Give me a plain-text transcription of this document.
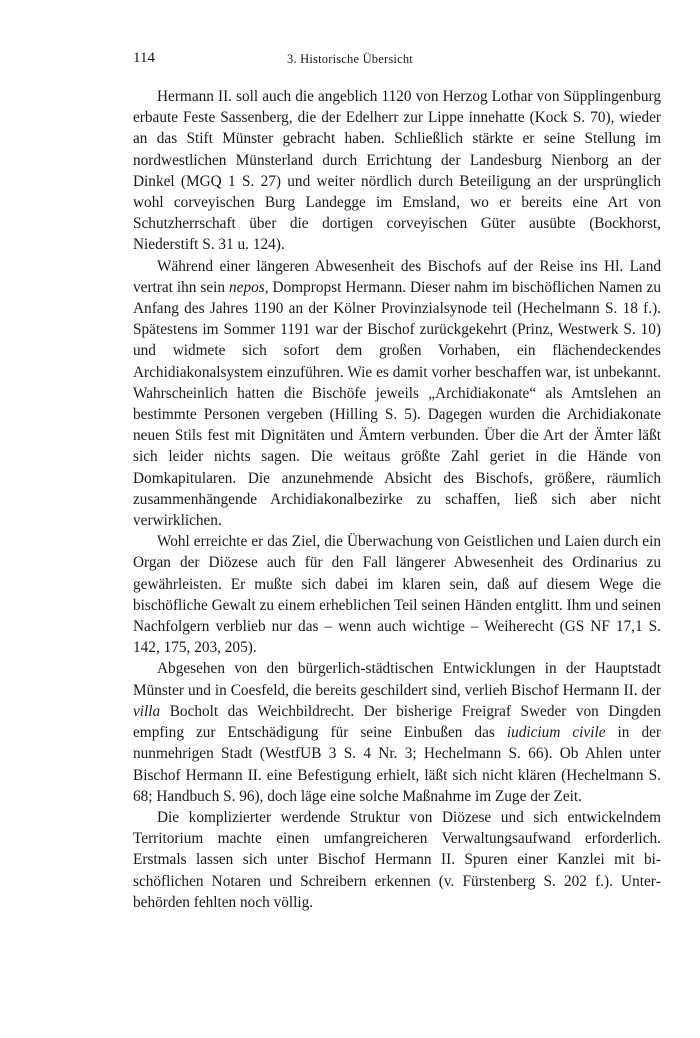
114	3. Historische Übersicht

Hermann II. soll auch die angeblich 1120 von Herzog Lothar von Süpplingenburg erbaute Feste Sassenberg, die der Edelherr zur Lippe innehatte (Kock S. 70), wieder an das Stift Münster gebracht haben. Schließlich stärkte er seine Stellung im nordwestlichen Münsterland durch Errichtung der Landesburg Nienborg an der Dinkel (MGQ 1 S. 27) und weiter nördlich durch Beteiligung an der ursprünglich wohl corveyischen Burg Landegge im Emsland, wo er bereits eine Art von Schutzherrschaft über die dortigen corveyischen Güter ausübte (Bockhorst, Niederstift S. 31 u. 124).

Während einer längeren Abwesenheit des Bischofs auf der Reise ins Hl. Land vertrat ihn sein nepos, Dompropst Hermann. Dieser nahm im bischöflichen Namen zu Anfang des Jahres 1190 an der Kölner Provinzialsynode teil (Hechelmann S. 18 f.). Spätestens im Sommer 1191 war der Bischof zurückgekehrt (Prinz, Westwerk S. 10) und widmete sich sofort dem großen Vorhaben, ein flächendeckendes Archidiakonalsystem einzuführen. Wie es damit vorher beschaffen war, ist unbekannt. Wahrscheinlich hatten die Bischöfe jeweils „Archidiakonate“ als Amtslehen an bestimmte Personen vergeben (Hilling S. 5). Dagegen wurden die Archidiakonate neuen Stils fest mit Dignitäten und Ämtern verbunden. Über die Art der Ämter läßt sich leider nichts sagen. Die weitaus größte Zahl geriet in die Hände von Domkapitularen. Die anzunehmende Absicht des Bischofs, größere, räumlich zusammenhängende Archidiakonalbezirke zu schaffen, ließ sich aber nicht verwirklichen.

Wohl erreichte er das Ziel, die Überwachung von Geistlichen und Laien durch ein Organ der Diözese auch für den Fall längerer Abwesenheit des Ordinarius zu gewährleisten. Er mußte sich dabei im klaren sein, daß auf diesem Wege die bischöfliche Gewalt zu einem erheblichen Teil seinen Händen entglitt. Ihm und seinen Nachfolgern verblieb nur das – wenn auch wichtige – Weiherecht (GS NF 17,1 S. 142, 175, 203, 205).

Abgesehen von den bürgerlich-städtischen Entwicklungen in der Hauptstadt Münster und in Coesfeld, die bereits geschildert sind, verlieh Bischof Hermann II. der villa Bocholt das Weichbildrecht. Der bisherige Freigraf Sweder von Dingden empfing zur Entschädigung für seine Einbußen das iudicium civile in der nunmehrigen Stadt (WestfUB 3 S. 4 Nr. 3; Hechelmann S. 66). Ob Ahlen unter Bischof Hermann II. eine Befestigung erhielt, läßt sich nicht klären (Hechelmann S. 68; Handbuch S. 96), doch läge eine solche Maßnahme im Zuge der Zeit.

Die komplizierter werdende Struktur von Diözese und sich entwickelndem Territorium machte einen umfangreicheren Verwaltungsaufwand erforderlich. Erstmals lassen sich unter Bischof Hermann II. Spuren einer Kanzlei mit bischöflichen Notaren und Schreibern erkennen (v. Fürstenberg S. 202 f.). Unterbehörden fehlten noch völlig.
